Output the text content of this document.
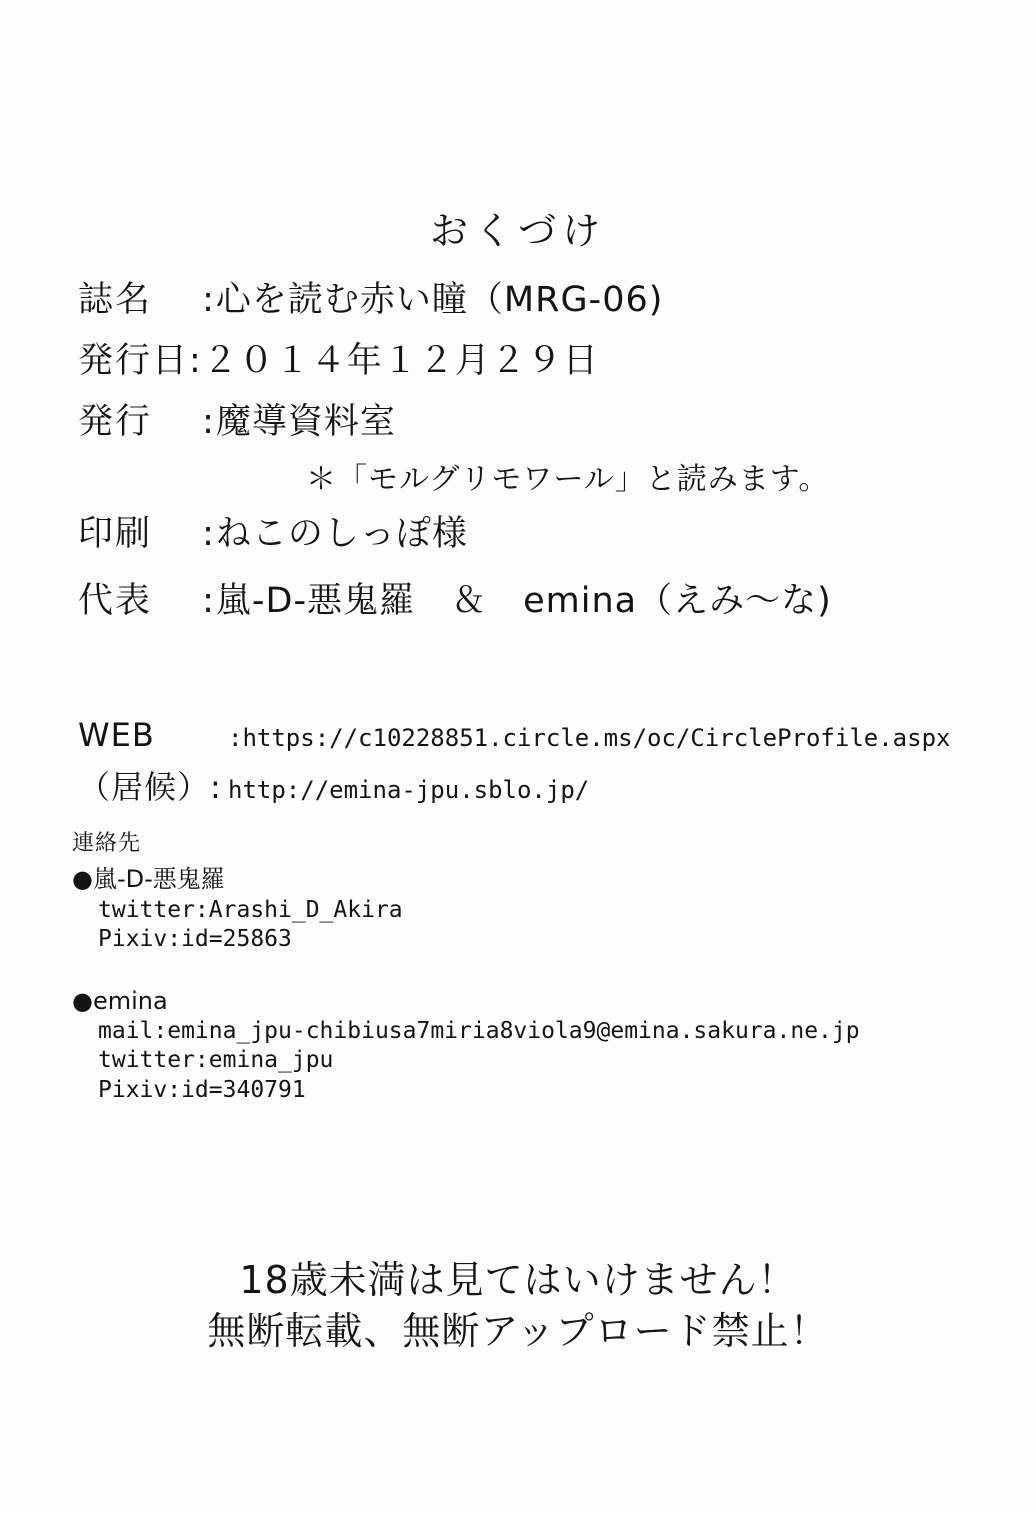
おくづけ
誌名　 : 心を読む赤い瞳（MRG-06)
発行日: ２０１４年１２月２９日
発行　 : 魔導資料室
＊「モルグリモワール」と読みます。
印刷　 : ねこのしっぽ様
代表　 : 嵐-D-悪鬼羅　＆　emina（えみ〜な)
WEB	: https://c10228851.circle.ms/oc/CircleProfile.aspx
（居候）: http://emina-jpu.sblo.jp/
連絡先
●嵐-D-悪鬼羅
twitter:Arashi_D_Akira
Pixiv:id=25863
●emina
mail:emina_jpu-chibiusa7miria8viola9@emina.sakura.ne.jp
twitter:emina_jpu
Pixiv:id=340791
18歳未満は見てはいけません！
無断転載、無断アップロード禁止！
